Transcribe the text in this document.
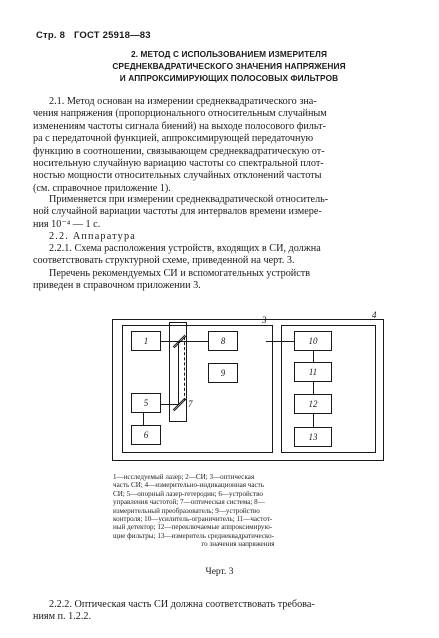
Стр. 8 ГОСТ 25918—83
2. МЕТОД С ИСПОЛЬЗОВАНИЕМ ИЗМЕРИТЕЛЯ
СРЕДНЕКВАДРАТИЧЕСКОГО ЗНАЧЕНИЯ НАПРЯЖЕНИЯ
И АППРОКСИМИРУЮЩИХ ПОЛОСОВЫХ ФИЛЬТРОВ
2.1. Метод основан на измерении среднеквадратического зна-
чения напряжения (пропорционального относительным случайным
изменениям частоты сигнала биений) на выходе полосового фильт-
ра с передаточной функцией, аппроксимирующей передаточную
функцию в соотношении, связывающем среднеквадратическую от-
носительную случайную вариацию частоты со спектральной плот-
ностью мощности относительных случайных отклонений частоты
(см. справочное приложение 1).
Применяется при измерении среднеквадратической относитель-
ной случайной вариации частоты для интервалов времени измере-
ния 10⁻⁴ — 1 с.
2.2. Аппаратура
2.2.1. Схема расположения устройств, входящих в СИ, должна
соответствовать структурной схеме, приведенной на черт. 3.
Перечень рекомендуемых СИ и вспомогательных устройств
приведен в справочном приложении 3.
1	8
9
5
6
10
11
12
13
7
3	4
1—исследуемый лазер; 2—СИ; 3—оптическая
часть СИ; 4—измерительно-индикационная часть
СИ; 5—опорный лазер-гетеродин; 6—устройство
управления частотой; 7—оптическая система; 8—
измерительный преобразователь; 9—устройство
контроля; 10—усилитель-ограничитель; 11—частот-
ный детектор; 12—переключаемые аппроксимирую-
щие фильтры; 13—измеритель среднеквадратическо-
го значения напряжения
Черт. 3
2.2.2. Оптическая часть СИ должна соответствовать требова-
ниям п. 1.2.2.
